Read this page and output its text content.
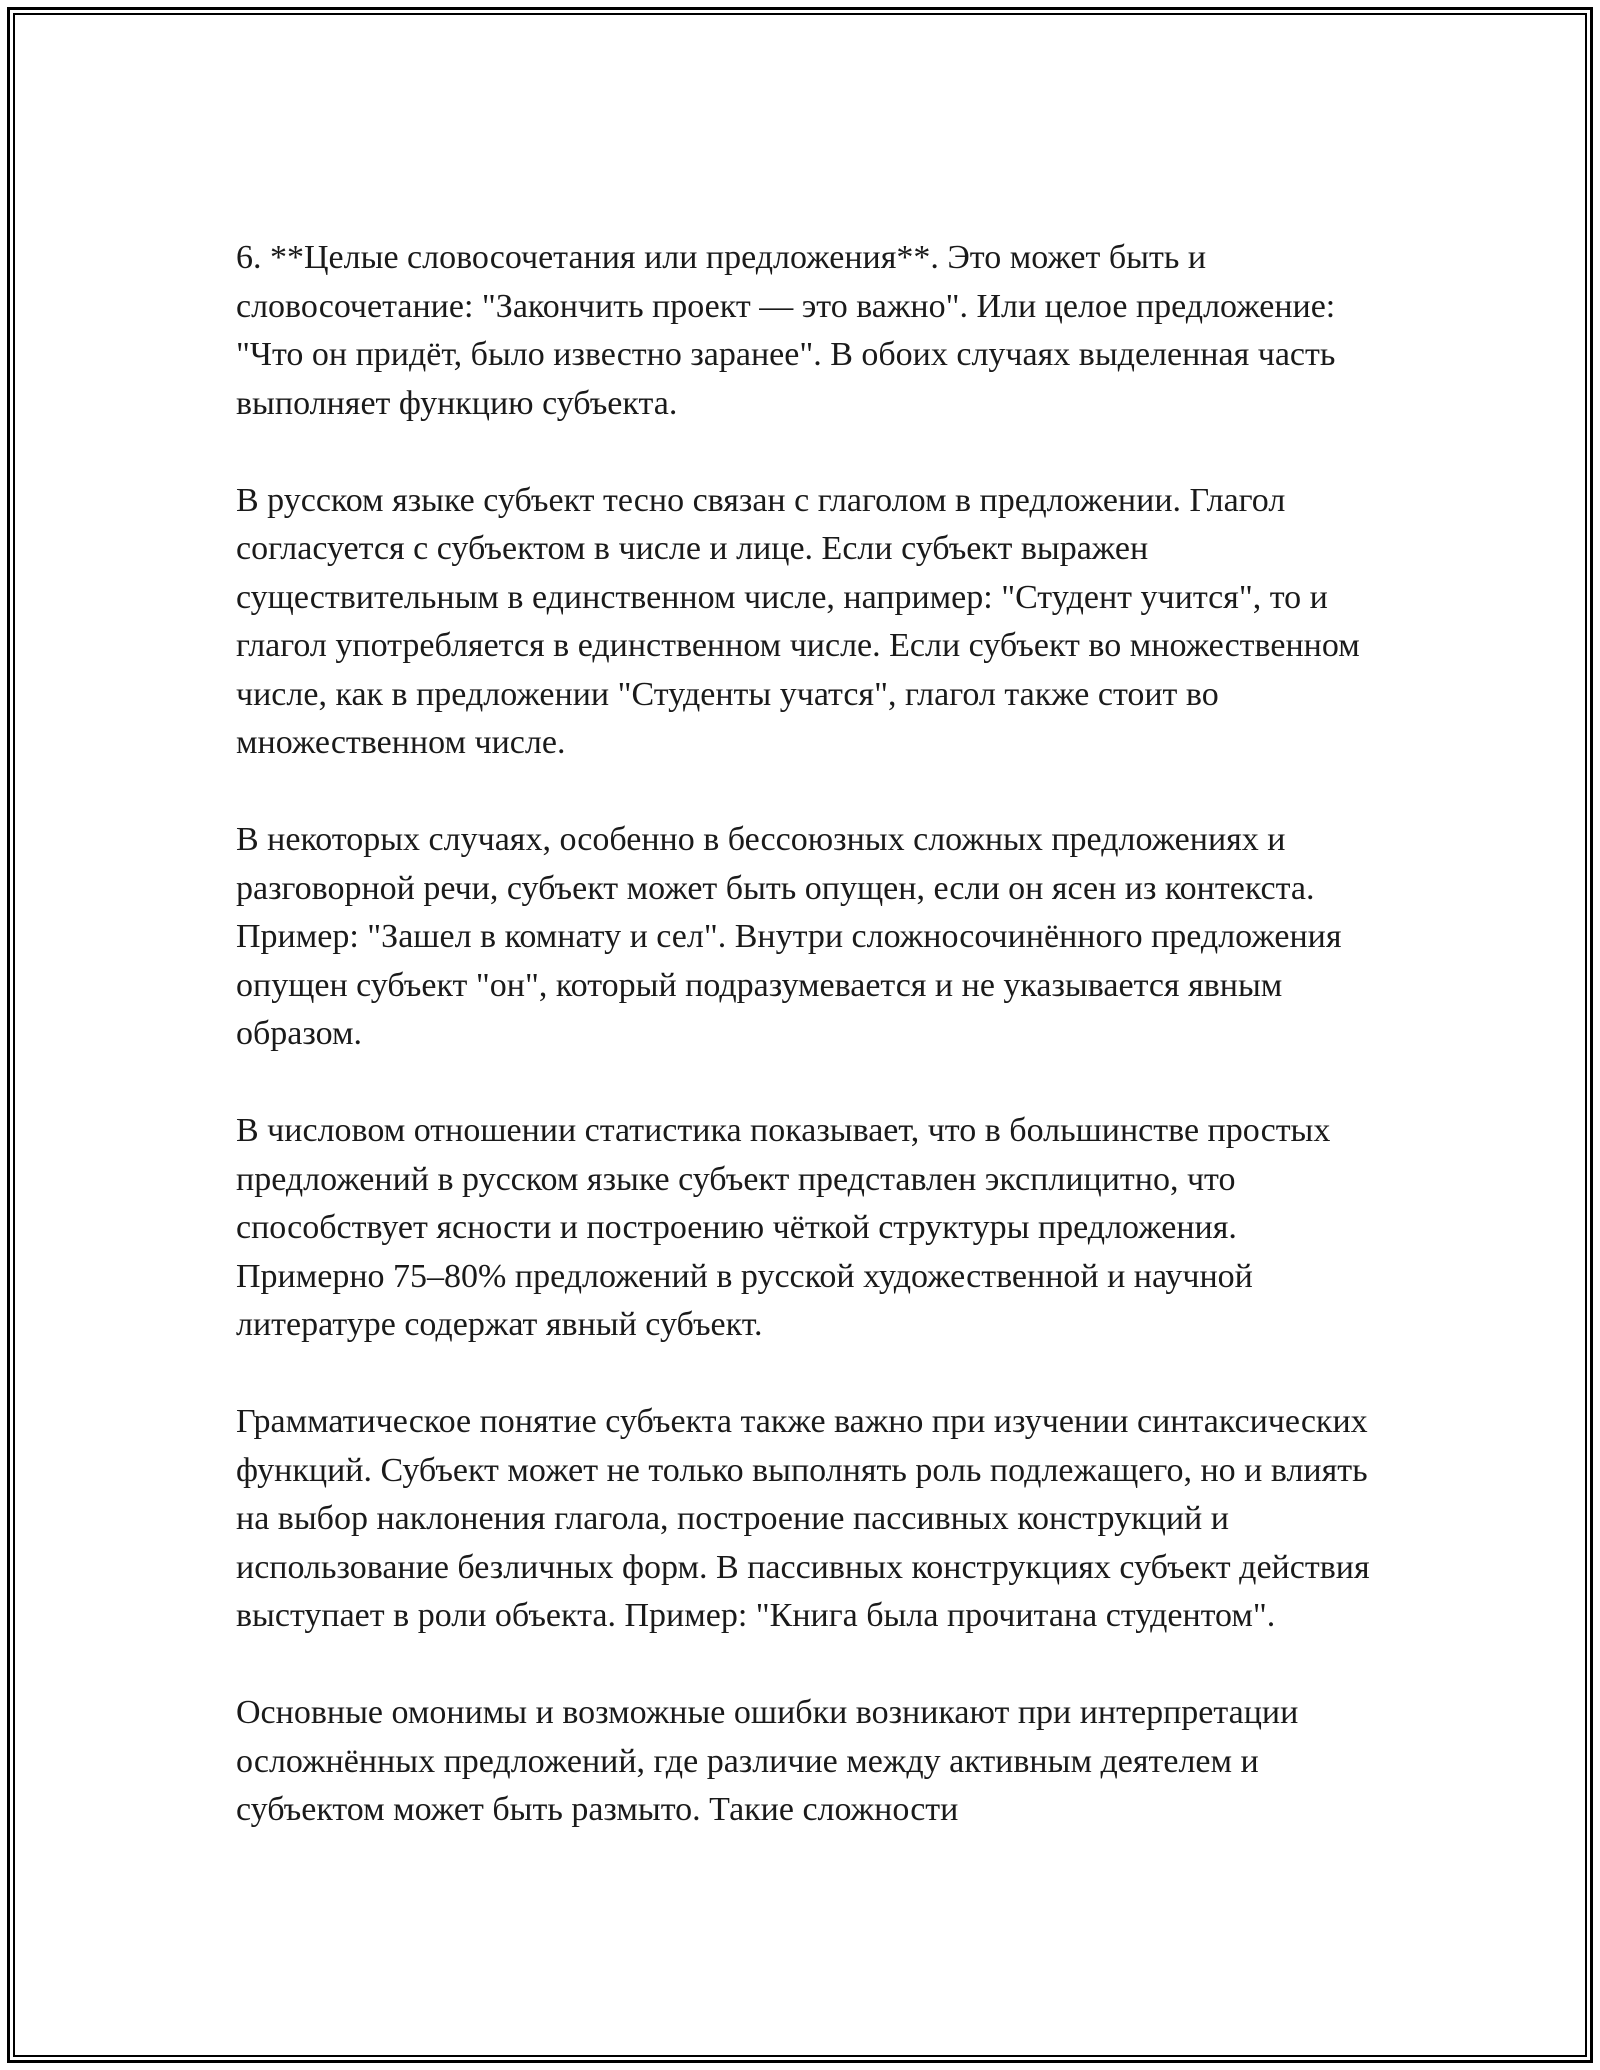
6. **Целые словосочетания или предложения**. Это может быть и словосочетание: "Закончить проект — это важно". Или целое предложение: "Что он придёт, было известно заранее". В обоих случаях выделенная часть выполняет функцию субъекта.

В русском языке субъект тесно связан с глаголом в предложении. Глагол согласуется с субъектом в числе и лице. Если субъект выражен существительным в единственном числе, например: "Студент учится", то и глагол употребляется в единственном числе. Если субъект во множественном числе, как в предложении "Студенты учатся", глагол также стоит во множественном числе.

В некоторых случаях, особенно в бессоюзных сложных предложениях и разговорной речи, субъект может быть опущен, если он ясен из контекста. Пример: "Зашел в комнату и сел". Внутри сложносочинённого предложения опущен субъект "он", который подразумевается и не указывается явным образом.

В числовом отношении статистика показывает, что в большинстве простых предложений в русском языке субъект представлен эксплицитно, что способствует ясности и построению чёткой структуры предложения. Примерно 75–80% предложений в русской художественной и научной литературе содержат явный субъект.

Грамматическое понятие субъекта также важно при изучении синтаксических функций. Субъект может не только выполнять роль подлежащего, но и влиять на выбор наклонения глагола, построение пассивных конструкций и использование безличных форм. В пассивных конструкциях субъект действия выступает в роли объекта. Пример: "Книга была прочитана студентом".

Основные омонимы и возможные ошибки возникают при интерпретации осложнённых предложений, где различие между активным деятелем и субъектом может быть размыто. Такие сложности
